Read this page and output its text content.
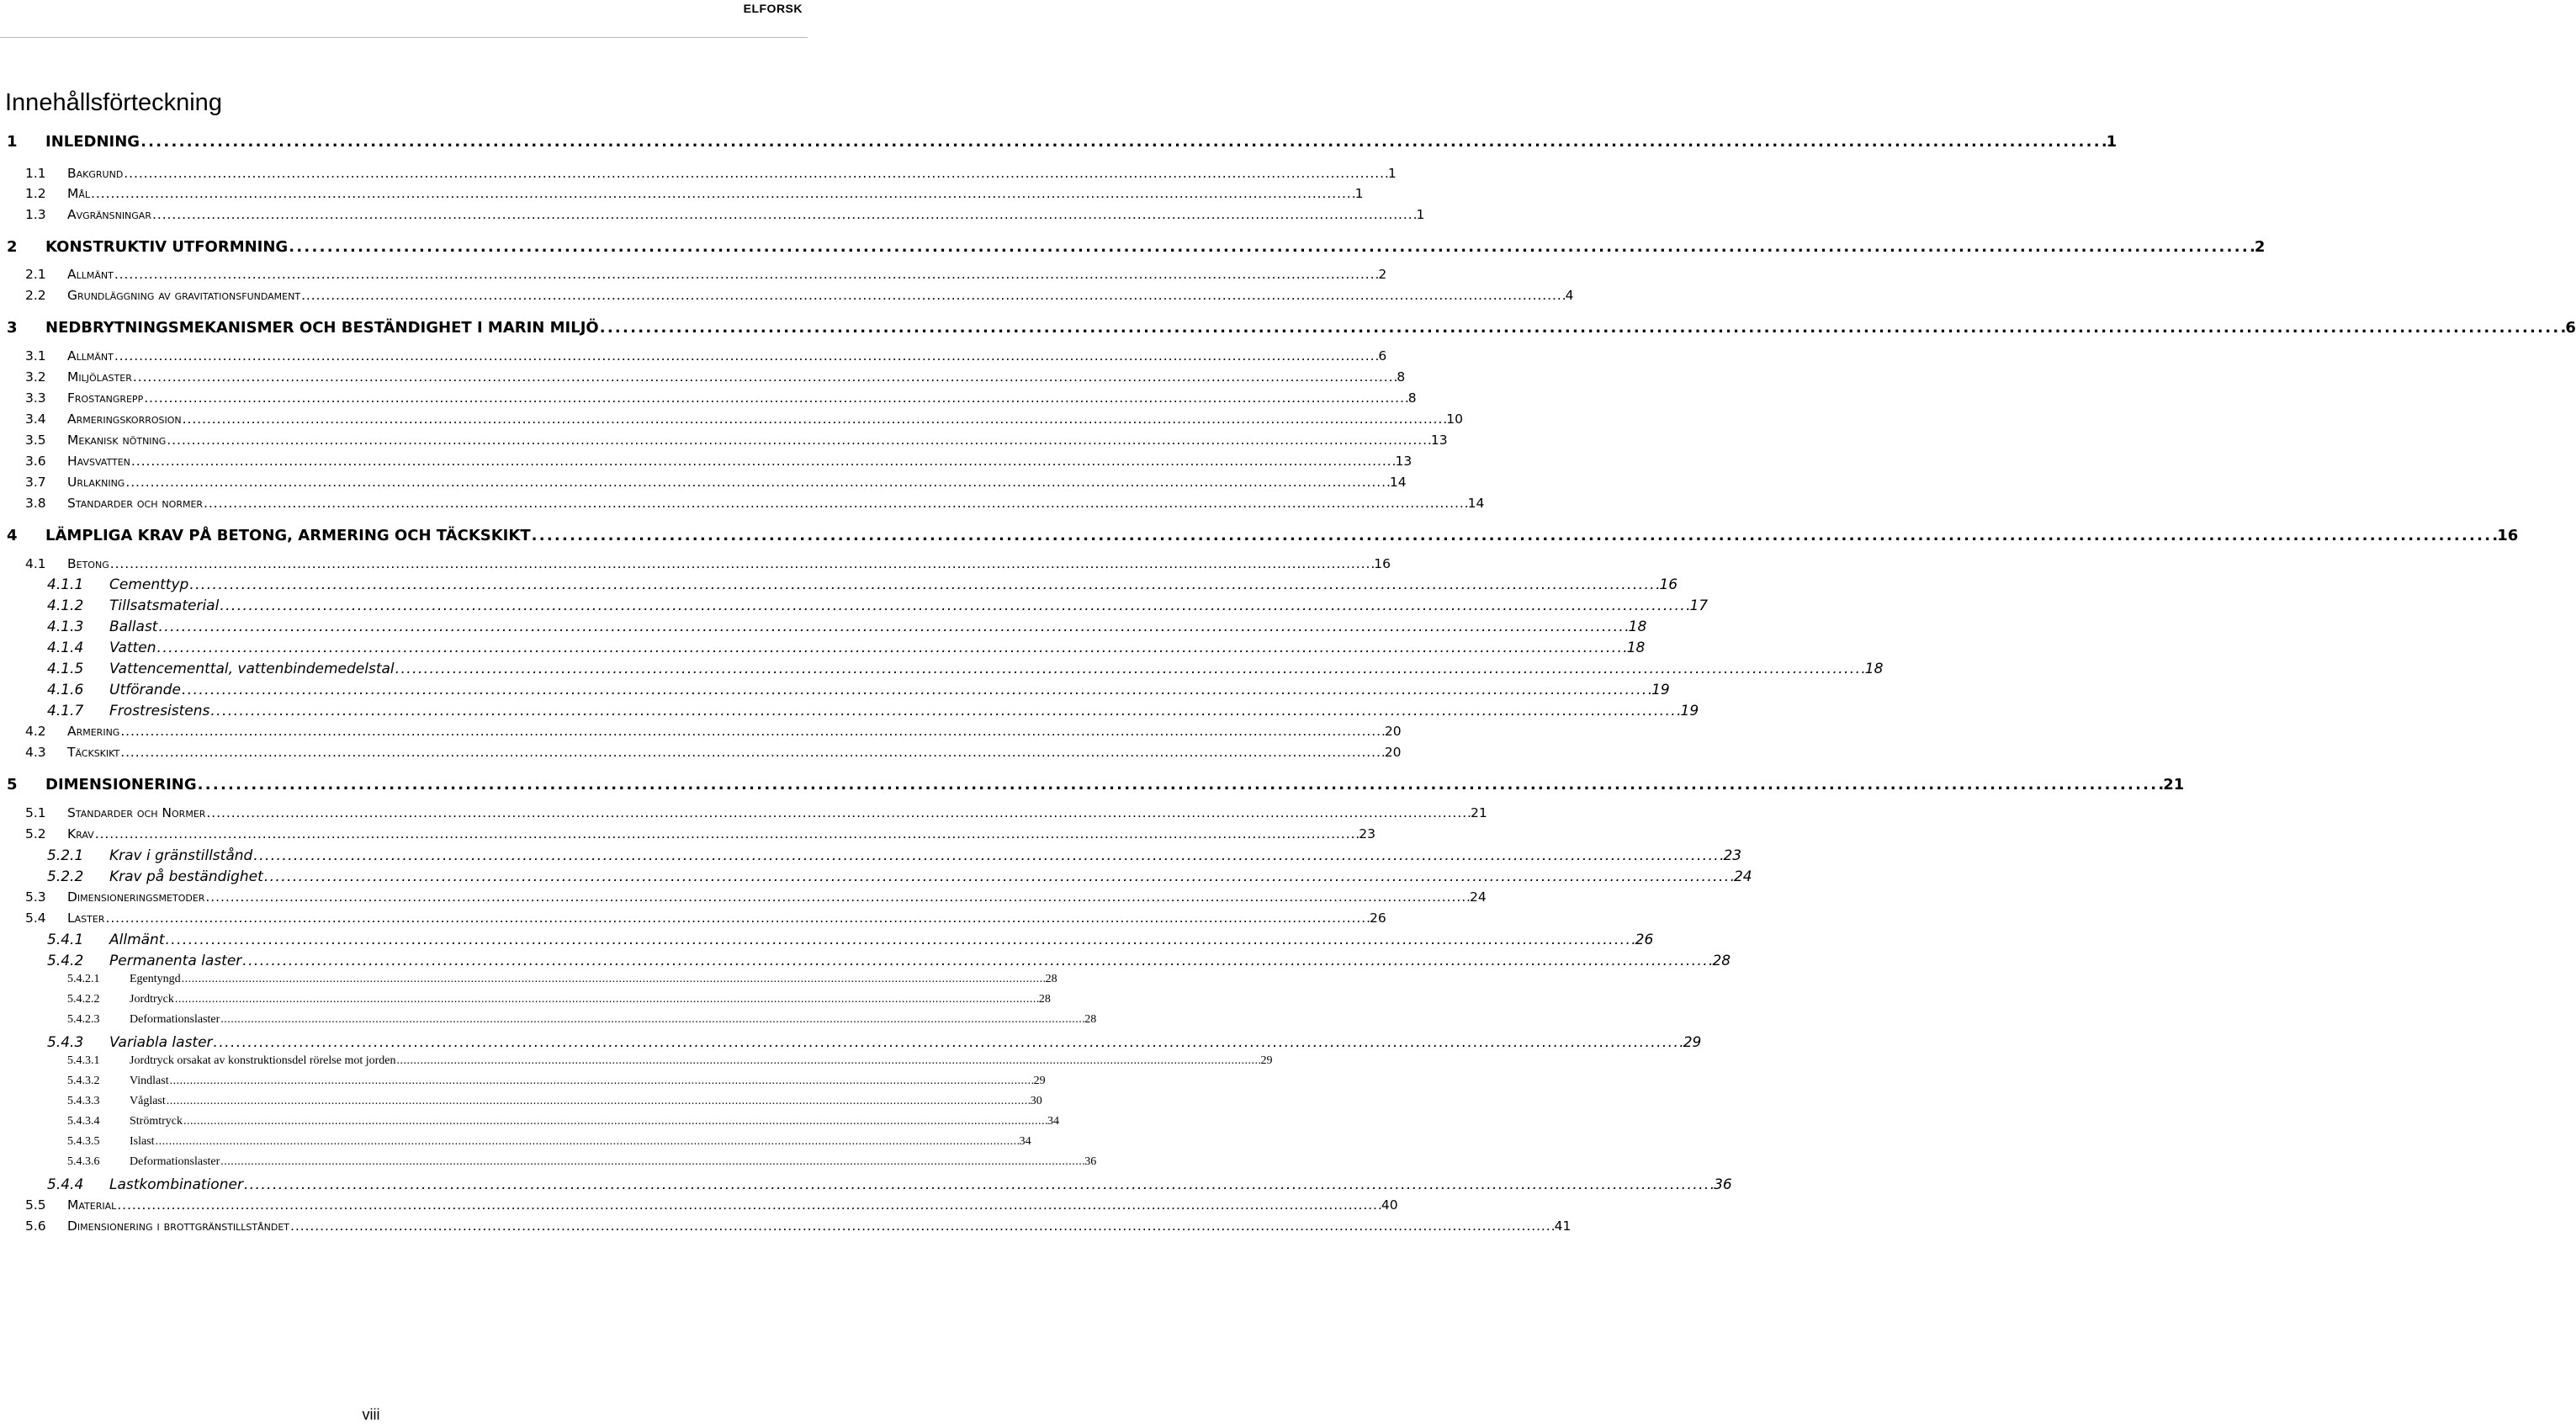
ELFORSK
Innehållsförteckning
1	INLEDNING . . .	1
1.1	Bakgrund . . .	1
1.2	Mål . . .	1
1.3	Avgränsningar . . .	1
2	KONSTRUKTIV UTFORMNING . . .	2
2.1	Allmänt . . .	2
2.2	Grundläggning av gravitationsfundament . . .	4
3	NEDBRYTNINGSMEKANISMER OCH BESTÄNDIGHET I MARIN MILJÖ . . .	6
3.1	Allmänt . . .	6
3.2	Miljölaster . . .	8
3.3	Frostangrepp . . .	8
3.4	Armeringskorrosion . . .	10
3.5	Mekanisk nötning . . .	13
3.6	Havsvatten . . .	13
3.7	Urlakning . . .	14
3.8	Standarder och normer . . .	14
4	LÄMPLIGA KRAV PÅ BETONG, ARMERING OCH TÄCKSKIKT . . .	16
4.1	Betong . . .	16
4.1.1	Cementtyp . . .	16
4.1.2	Tillsatsmaterial . . .	17
4.1.3	Ballast . . .	18
4.1.4	Vatten . . .	18
4.1.5	Vattencementtal, vattenbindemedelstal . . .	18
4.1.6	Utförande . . .	19
4.1.7	Frostresistens . . .	19
4.2	Armering . . .	20
4.3	Täckskikt . . .	20
5	DIMENSIONERING . . .	21
5.1	Standarder och Normer . . .	21
5.2	Krav . . .	23
5.2.1	Krav i gränstillstånd . . .	23
5.2.2	Krav på beständighet . . .	24
5.3	Dimensioneringsmetoder . . .	24
5.4	Laster . . .	26
5.4.1	Allmänt . . .	26
5.4.2	Permanenta laster . . .	28
5.4.2.1	Egentyngd . . .	28
5.4.2.2	Jordtryck . . .	28
5.4.2.3	Deformationslaster . . .	28
5.4.3	Variabla laster . . .	29
5.4.3.1	Jordtryck orsakat av konstruktionsdel rörelse mot jorden . . .	29
5.4.3.2	Vindlast . . .	29
5.4.3.3	Våglast . . .	30
5.4.3.4	Strömtryck . . .	34
5.4.3.5	Islast . . .	34
5.4.3.6	Deformationslaster . . .	36
5.4.4	Lastkombinationer . . .	36
5.5	Material . . .	40
5.6	Dimensionering i brottgränstillståndet . . .	41
viii
